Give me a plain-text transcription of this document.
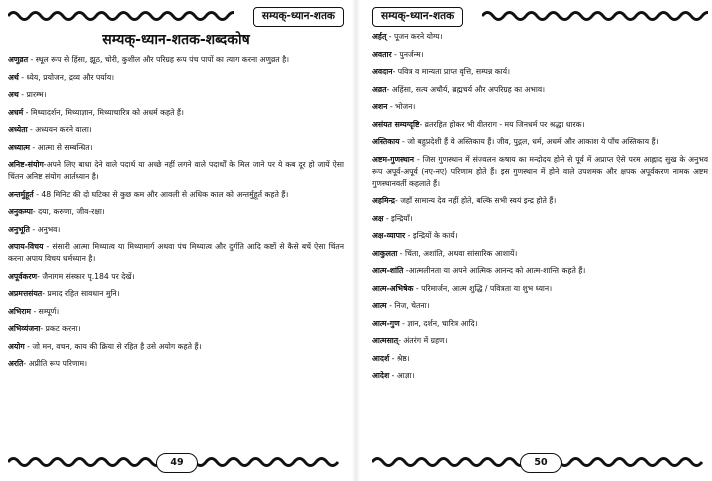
सम्यक्-ध्यान-शतक
सम्यक्-ध्यान-शतक-शब्दकोष
अणुव्रत - स्थूल रूप से हिंसा, झूठ, चोरी, कुशील और परिग्रह रूप पंच पापों का त्याग करना अणुव्रत है।
अर्थ - ध्येय, प्रयोजन, द्रव्य और पर्याय।
अथ - प्रारम्भ।
अधर्म - मिथ्यादर्शन, मिथ्याज्ञान, मिथ्याचारित्र को अधर्म कहते हैं।
अध्येता - अध्ययन करने वाला।
अध्यात्म - आत्मा से सम्बन्धित।
अनिष्ट-संयोग-अपने लिए बाधा देने वाले पदार्थ या अच्छे नहीं लगने वाले पदार्थों के मिल जाने पर ये कब दूर हो जायें ऐसा चिंतन अनिष्ट संयोग आर्तध्यान है।
अन्तर्मुहूर्त - 48 मिनिट की दो घटिका से कुछ कम और आवली से अधिक काल को अन्तर्मुहूर्त कहते हैं।
अनुकम्पा- दया, करुणा, जीव-रक्षा।
अनुभूति - अनुभव।
अपाय-विचय - संसारी आत्मा मिथ्यात्व या मिथ्यामार्ग अथवा पंच मिथ्यात्व और दुर्गति आदि कष्टों से कैसे बचें ऐसा चिंतन करना अपाय विचय धर्मध्यान है।
अपूर्वकरण- जैनागम संस्कार पृ.184 पर देखें।
अप्रमत्तसंयत- प्रमाद रहित सावधान मुनि।
अभिराम - सम्पूर्ण।
अभिव्यंजना- प्रकट करना।
अयोग - जो मन, वचन, काय की क्रिया से रहित है उसे अयोग कहते हैं।
अरति- अप्रीति रूप परिणाम।
49
सम्यक्-ध्यान-शतक
अर्हत् - पूजन करने योग्य।
अवतार - पुनर्जन्म।
अवदान- पवित्र व मान्यता प्राप्त वृत्ति, सम्पन्न कार्य।
अव्रत- अहिंसा, सत्य अचौर्य, ब्रह्मचर्य और अपरिग्रह का अभाव।
अशन - भोजन।
असंयत सम्यग्दृष्टि- व्रतरहित होकर भी वीतराग - मय जिनधर्म पर श्रद्धा धारक।
अस्तिकाय - जो बहुप्रदेशी हैं वे अस्तिकाय हैं। जीव, पुद्गल, धर्म, अधर्म और आकाश ये पाँच अस्तिकाय हैं।
अष्टम-गुणस्थान - जिस गुणस्थान में संज्वलन कषाय का मन्दोदय होने से पूर्व में अप्राप्त ऐसे परम आह्लाद सुख के अनुभव रूप अपूर्व-अपूर्व (नए-नए) परिणाम होते हैं। इस गुणस्थान में होने वाले उपशमक और क्षपक अपूर्वकरण नामक अष्टम गुणस्थानवर्ती कहलाते हैं।
अहमिन्द्र- जहाँ सामान्य देव नहीं होते, बल्कि सभी स्वयं इन्द्र होते हैं।
अक्ष - इन्द्रियाँ।
अक्ष-व्यापार - इन्द्रियों के कार्य।
आकुलता - चिंता, अशांति, अथवा सांसारिक आशायें।
आत्म-शांति -आत्मलीनता या अपने आत्मिक आनन्द को आत्म-शान्ति कहते हैं।
आत्म-अभिषेक - परिमार्जन, आत्म शुद्धि / पवित्रता या शुभ ध्यान।
आत्म - निज, चेतना।
आत्म-गुण - ज्ञान, दर्शन, चारित्र आदि।
आत्मसात्- अंतरंग में ग्रहण।
आदर्श - श्रेष्ठ।
आदेश - आज्ञा।
50
